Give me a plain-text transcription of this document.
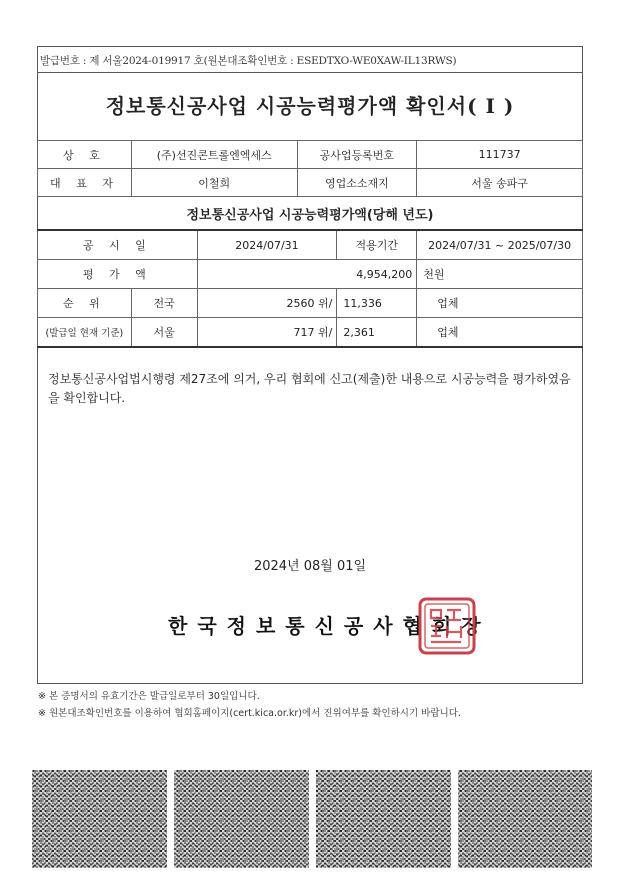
발급번호 : 제 서울2024-019917 호(원본대조확인번호 : ESEDTXO-WE0XAW-IL13RWS)
정보통신공사업 시공능력평가액 확인서( I )
상 호	(주)선진콘트롤엔엑세스	공사업등록번호	111737
대 표 자	이철희	영업소소재지	서울 송파구
정보통신공사업 시공능력평가액(당해 년도)
공 시 일		2024/07/31	적용기간	2024/07/31 ~ 2025/07/30
평 가 액		4,954,200		천원
순 위	전국	2560 위/	11,336	업체
(발급일 현재 기준)	서울	717 위/	2,361	업체
정보통신공사업법시행령 제27조에 의거, 우리 협회에 신고(제출)한 내용으로 시공능력을 평가하였음을 확인합니다.
2024년 08월 01일
한국정보통신공사협회장
※ 본 증명서의 유효기간은 발급일로부터 30일입니다.
※ 원본대조확인번호를 이용하여 협회홈페이지(cert.kica.or.kr)에서 진위여부를 확인하시기 바랍니다.
